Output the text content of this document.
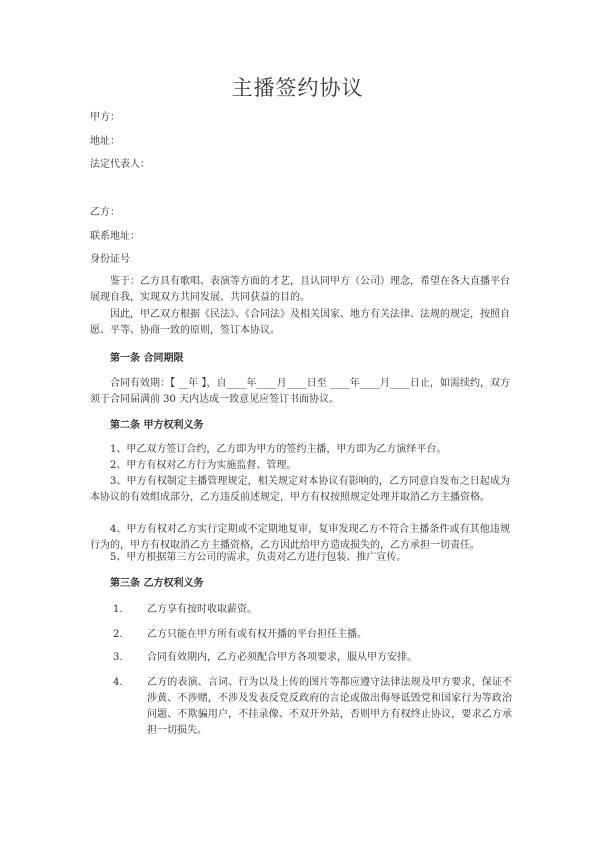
主播签约协议
甲方：
地址：
法定代表人：
乙方：
联系地址：
身份证号
鉴于：乙方具有歌唱、表演等方面的才艺，且认同甲方（公司）理念，希望在各大直播平台展现自我，实现双方共同发展、共同获益的目的。
因此，甲乙双方根据《民法》、《合同法》及相关国家、地方有关法律、法规的规定，按照自愿、平等、协商一致的原则，签订本协议。
第一条 合同期限
合同有效期：【 __年 】，自____年____月____日至 ____年____月____日止，如需续约，双方须于合同届满前 30 天内达成一致意见应签订书面协议。
第二条 甲方权利义务
1、甲乙双方签订合约，乙方即为甲方的签约主播，甲方即为乙方演绎平台。
2、甲方有权对乙方行为实施监督、管理。
3、甲方有权制定主播管理规定，相关规定对本协议有影响的，乙方同意自发布之日起成为本协议的有效组成部分，乙方违反前述规定，甲方有权按照规定处理并取消乙方主播资格。
4、甲方有权对乙方实行定期或不定期地复审，复审发现乙方不符合主播条件或有其他违规行为的，甲方有权取消乙方主播资格，乙方因此给甲方造成损失的，乙方承担一切责任。
5、甲方根据第三方公司的需求，负责对乙方进行包装、推广宣传。
第三条 乙方权利义务
1. 乙方享有按时收取薪资。
2. 乙方只能在甲方所有或有权开播的平台担任主播。
3. 合同有效期内，乙方必须配合甲方各项要求，服从甲方安排。
4. 乙方的表演、言词、行为以及上传的图片等都应遵守法律法规及甲方要求，保证不涉黄、不涉赌，不涉及发表反党反政府的言论或做出侮辱诋毁党和国家行为等政治问题、不欺骗用户，不挂录像、不双开外站，否则甲方有权终止协议，要求乙方承担一切损失。
